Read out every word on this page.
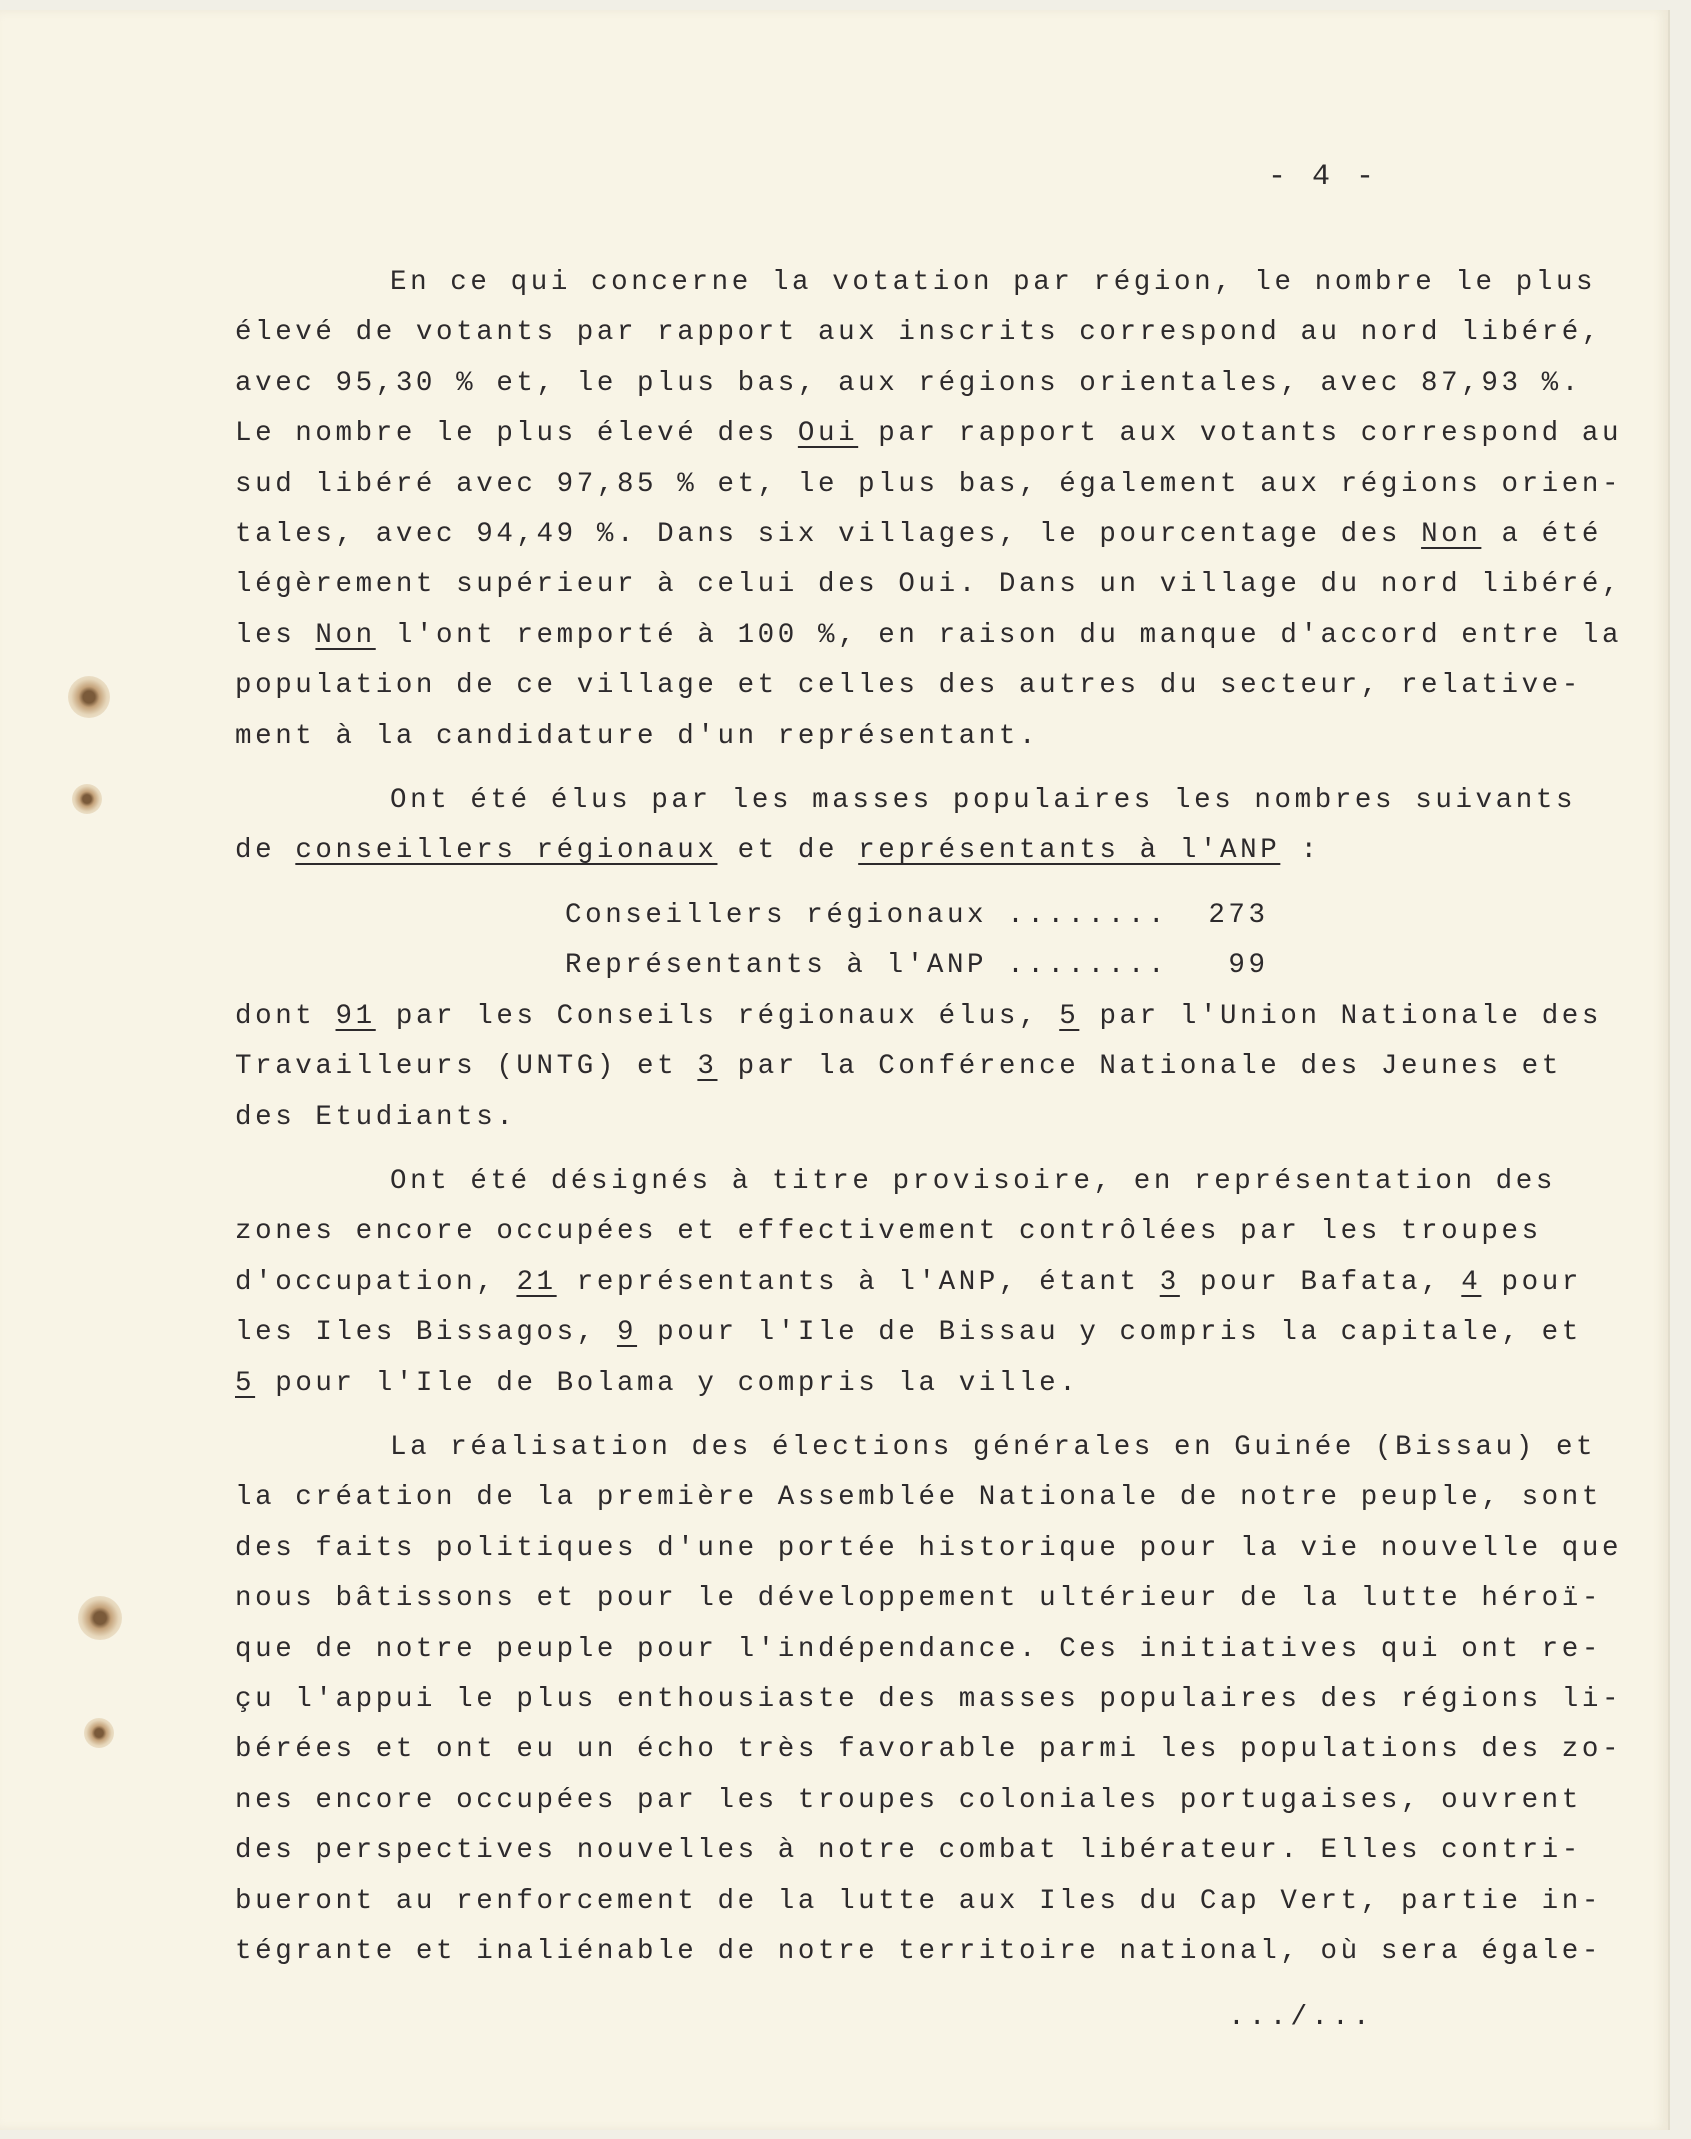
- 4 -

En ce qui concerne la votation par région, le nombre le plus

élevé de votants par rapport aux inscrits correspond au nord libéré,

avec 95,30 % et, le plus bas, aux régions orientales, avec 87,93 %.

Le nombre le plus élevé des Oui par rapport aux votants correspond au

sud libéré avec 97,85 % et, le plus bas, également aux régions orien-

tales, avec 94,49 %. Dans six villages, le pourcentage des Non a été

légèrement supérieur à celui des Oui. Dans un village du nord libéré,

les Non l'ont remporté à 100 %, en raison du manque d'accord entre la

population de ce village et celles des autres du secteur, relative-

ment à la candidature d'un représentant.

Ont été élus par les masses populaires les nombres suivants

de conseillers régionaux et de représentants à l'ANP :

Conseillers régionaux ........ 273

Représentants à l'ANP ........ 99

dont 91 par les Conseils régionaux élus, 5 par l'Union Nationale des

Travailleurs (UNTG) et 3 par la Conférence Nationale des Jeunes et

des Etudiants.

Ont été désignés à titre provisoire, en représentation des

zones encore occupées et effectivement contrôlées par les troupes

d'occupation, 21 représentants à l'ANP, étant 3 pour Bafata, 4 pour

les Iles Bissagos, 9 pour l'Ile de Bissau y compris la capitale, et

5 pour l'Ile de Bolama y compris la ville.

La réalisation des élections générales en Guinée (Bissau) et

la création de la première Assemblée Nationale de notre peuple, sont

des faits politiques d'une portée historique pour la vie nouvelle que

nous bâtissons et pour le développement ultérieur de la lutte héroï-

que de notre peuple pour l'indépendance. Ces initiatives qui ont re-

çu l'appui le plus enthousiaste des masses populaires des régions li-

bérées et ont eu un écho très favorable parmi les populations des zo-

nes encore occupées par les troupes coloniales portugaises, ouvrent

des perspectives nouvelles à notre combat libérateur. Elles contri-

bueront au renforcement de la lutte aux Iles du Cap Vert, partie in-

tégrante et inaliénable de notre territoire national, où sera égale-

.../...
